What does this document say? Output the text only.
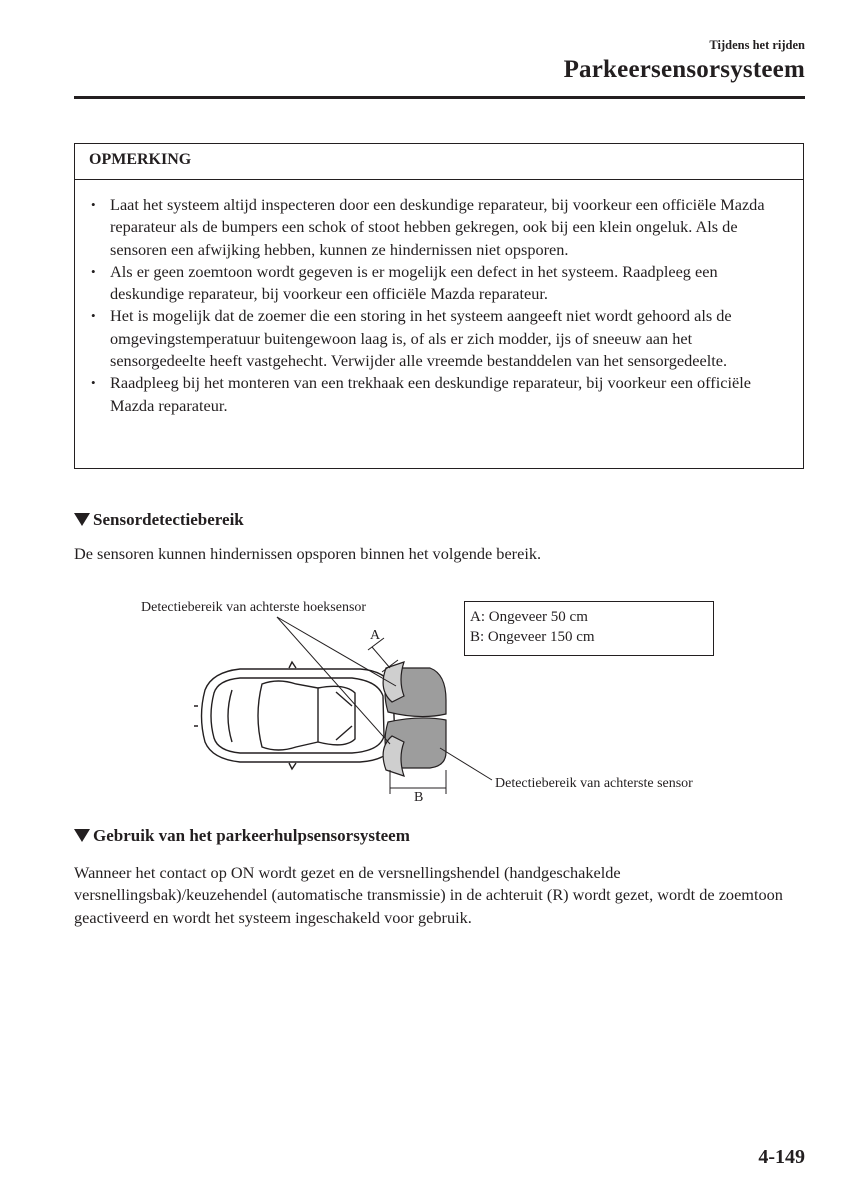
Tijdens het rijden
Parkeersensorsysteem
OPMERKING
• Laat het systeem altijd inspecteren door een deskundige reparateur, bij voorkeur een officiële Mazda reparateur als de bumpers een schok of stoot hebben gekregen, ook bij een klein ongeluk. Als de sensoren een afwijking hebben, kunnen ze hindernissen niet opsporen.
• Als er geen zoemtoon wordt gegeven is er mogelijk een defect in het systeem. Raadpleeg een deskundige reparateur, bij voorkeur een officiële Mazda reparateur.
• Het is mogelijk dat de zoemer die een storing in het systeem aangeeft niet wordt gehoord als de omgevingstemperatuur buitengewoon laag is, of als er zich modder, ijs of sneeuw aan het sensorgedeelte heeft vastgehecht. Verwijder alle vreemde bestanddelen van het sensorgedeelte.
• Raadpleeg bij het monteren van een trekhaak een deskundige reparateur, bij voorkeur een officiële Mazda reparateur.
Sensordetectiebereik
De sensoren kunnen hindernissen opsporen binnen het volgende bereik.
Detectiebereik van achterste hoeksensor
A
B
Detectiebereik van achterste sensor
A: Ongeveer 50 cm
B: Ongeveer 150 cm
Gebruik van het parkeerhulpsensorsysteem
Wanneer het contact op ON wordt gezet en de versnellingshendel (handgeschakelde versnellingsbak)/keuzehendel (automatische transmissie) in de achteruit (R) wordt gezet, wordt de zoemtoon geactiveerd en wordt het systeem ingeschakeld voor gebruik.
4-149
